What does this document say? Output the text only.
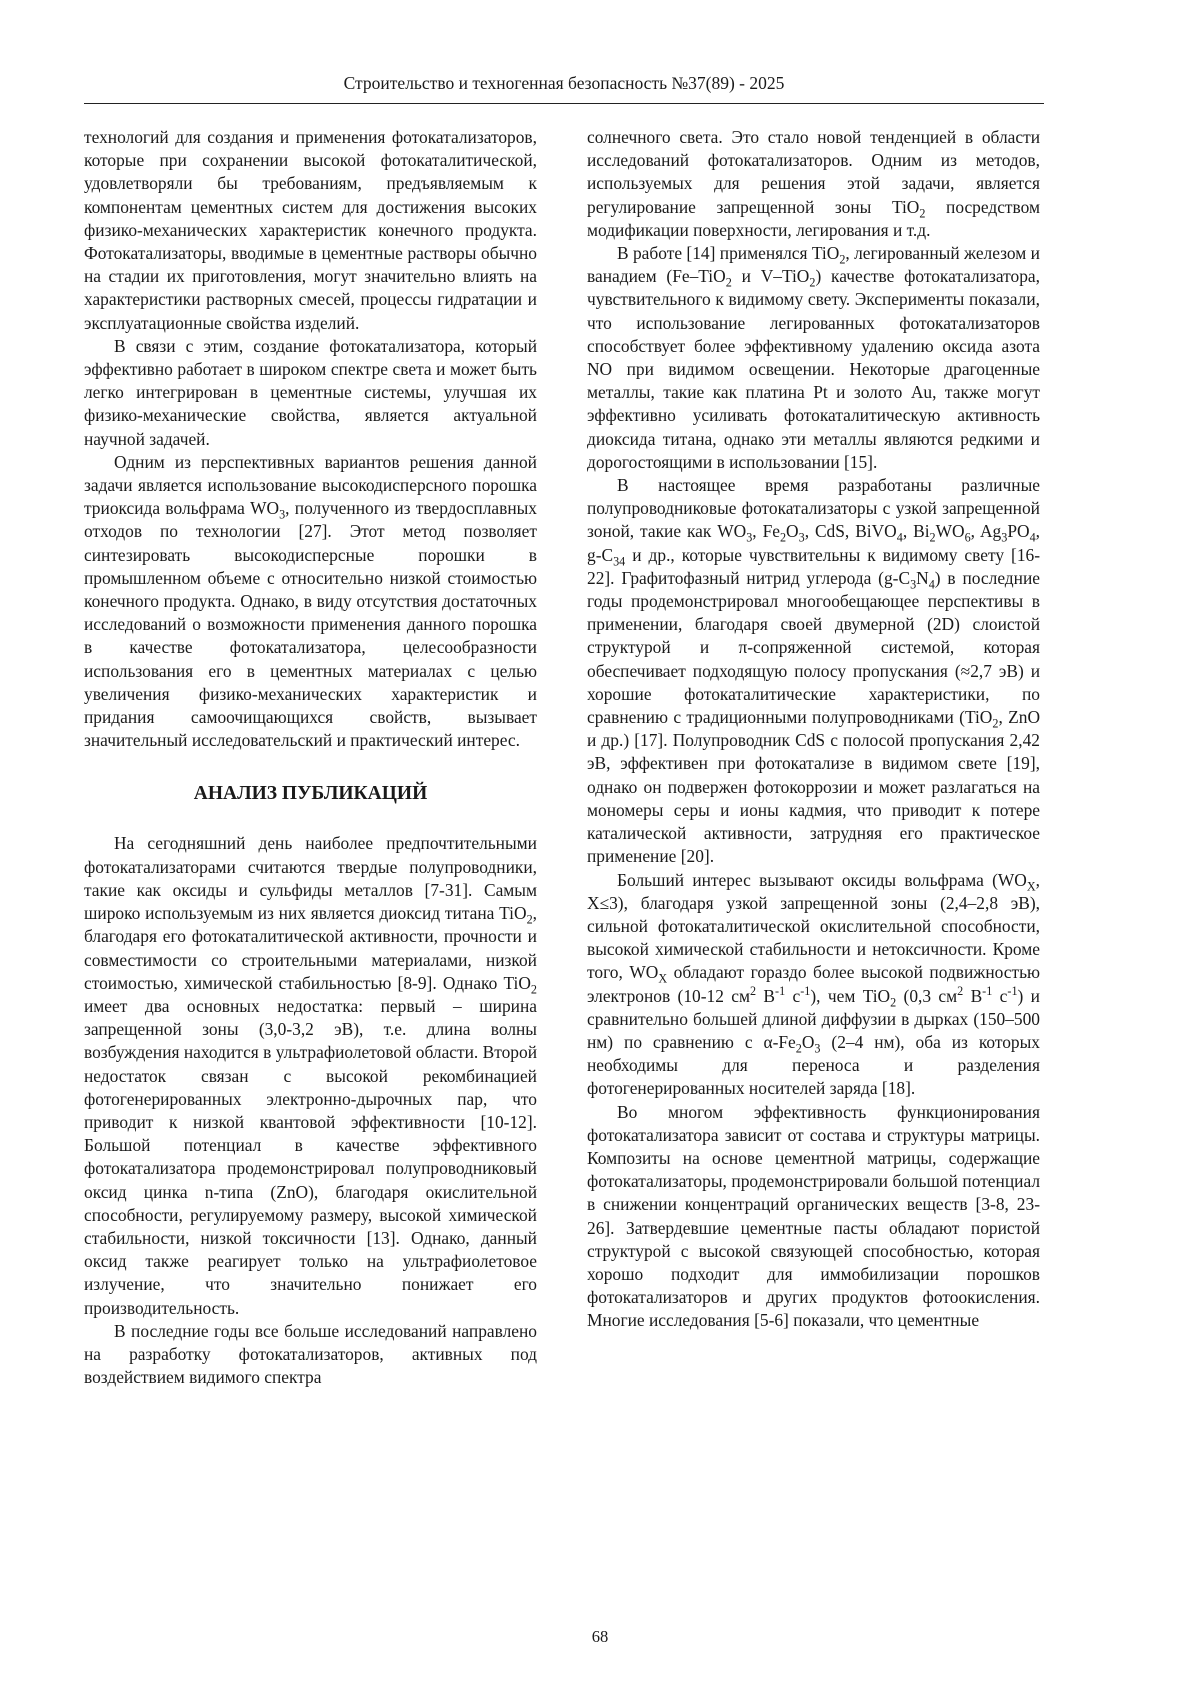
Строительство и техногенная безопасность №37(89) - 2025

технологий для создания и применения фотокатализаторов, которые при сохранении высокой фотокаталитической, удовлетворяли бы требованиям, предъявляемым к компонентам цементных систем для достижения высоких физико-механических характеристик конечного продукта. Фотокатализаторы, вводимые в цементные растворы обычно на стадии их приготовления, могут значительно влиять на характеристики растворных смесей, процессы гидратации и эксплуатационные свойства изделий.

В связи с этим, создание фотокатализатора, который эффективно работает в широком спектре света и может быть легко интегрирован в цементные системы, улучшая их физико-механические свойства, является актуальной научной задачей.

Одним из перспективных вариантов решения данной задачи является использование высокодисперсного порошка триоксида вольфрама $WO_3$, полученного из твердосплавных отходов по технологии [27]. Этот метод позволяет синтезировать высокодисперсные порошки в промышленном объеме с относительно низкой стоимостью конечного продукта. Однако, в виду отсутствия достаточных исследований о возможности применения данного порошка в качестве фотокатализатора, целесообразности использования его в цементных материалах с целью увеличения физико-механических характеристик и придания самоочищающихся свойств, вызывает значительный исследовательский и практический интерес.

АНАЛИЗ ПУБЛИКАЦИЙ

На сегодняшний день наиболее предпочтительными фотокатализаторами считаются твердые полупроводники, такие как оксиды и сульфиды металлов [7-31]. Самым широко используемым из них является диоксид титана TiO$_2$, благодаря его фотокаталитической активности, прочности и совместимости со строительными материалами, низкой стоимостью, химической стабильностью [8-9]. Однако TiO$_2$ имеет два основных недостатка: первый – ширина запрещенной зоны (3,0-3,2 эВ), т.е. длина волны возбуждения находится в ультрафиолетовой области. Второй недостаток связан с высокой рекомбинацией фотогенерированных электронно-дырочных пар, что приводит к низкой квантовой эффективности [10-12]. Большой потенциал в качестве эффективного фотокатализатора продемонстрировал полупроводниковый оксид цинка n-типа (ZnO), благодаря окислительной способности, регулируемому размеру, высокой химической стабильности, низкой токсичности [13]. Однако, данный оксид также реагирует только на ультрафиолетовое излучение, что значительно понижает его производительность.

В последние годы все больше исследований направлено на разработку фотокатализаторов, активных под воздействием видимого спектра

солнечного света. Это стало новой тенденцией в области исследований фотокатализаторов. Одним из методов, используемых для решения этой задачи, является регулирование запрещенной зоны TiO$_2$ посредством модификации поверхности, легирования и т.д.

В работе [14] применялся TiO$_2$, легированный железом и ванадием (Fe–TiO$_2$ и V–TiO$_2$) качестве фотокатализатора, чувствительного к видимому свету. Эксперименты показали, что использование легированных фотокатализаторов способствует более эффективному удалению оксида азота NO при видимом освещении. Некоторые драгоценные металлы, такие как платина Pt и золото Au, также могут эффективно усиливать фотокаталитическую активность диоксида титана, однако эти металлы являются редкими и дорогостоящими в использовании [15].

В настоящее время разработаны различные полупроводниковые фотокатализаторы с узкой запрещенной зоной, такие как $WO_3$, $Fe_2O_3$, CdS, BiVO$_4$, $Bi_2WO_6$, $Ag_3PO_4$, $g-C_{34}$ и др., которые чувствительны к видимому свету [16-22]. Графитофазный нитрид углерода $(g-C_3N_4)$ в последние годы продемонстрировал многообещающее перспективы в применении, благодаря своей двумерной (2D) слоистой структурой и π-сопряженной системой, которая обеспечивает подходящую полосу пропускания (≈2,7 эВ) и хорошие фотокаталитические характеристики, по сравнению с традиционными полупроводниками (TiO$_2$, ZnO и др.) [17]. Полупроводник CdS с полосой пропускания 2,42 эВ, эффективен при фотокатализе в видимом свете [19], однако он подвержен фотокоррозии и может разлагаться на мономеры серы и ионы кадмия, что приводит к потере каталической активности, затрудняя его практическое применение [20].

Больший интерес вызывают оксиды вольфрама ($WO_X$, X≤3), благодаря узкой запрещенной зоны (2,4–2,8 эВ), сильной фотокаталитической окислительной способности, высокой химической стабильности и нетоксичности. Кроме того, $WO_X$ обладают гораздо более высокой подвижностью электронов (10-12 $см^2$ $В^{-1}$ $с^{-1}$), чем TiO$_2$ (0,3 $см^2$ $В^{-1}$ $с^{-1}$) и сравнительно большей длиной диффузии в дырках (150–500 нм) по сравнению с $\alpha-Fe_2O_3$ (2–4 нм), оба из которых необходимы для переноса и разделения фотогенерированных носителей заряда [18].

Во многом эффективность функционирования фотокатализатора зависит от состава и структуры матрицы. Композиты на основе цементной матрицы, содержащие фотокатализаторы, продемонстрировали большой потенциал в снижении концентраций органических веществ [3-8, 23-26]. Затвердевшие цементные пасты обладают пористой структурой с высокой связующей способностью, которая хорошо подходит для иммобилизации порошков фотокатализаторов и других продуктов фотоокисления. Многие исследования [5-6] показали, что цементные

68
